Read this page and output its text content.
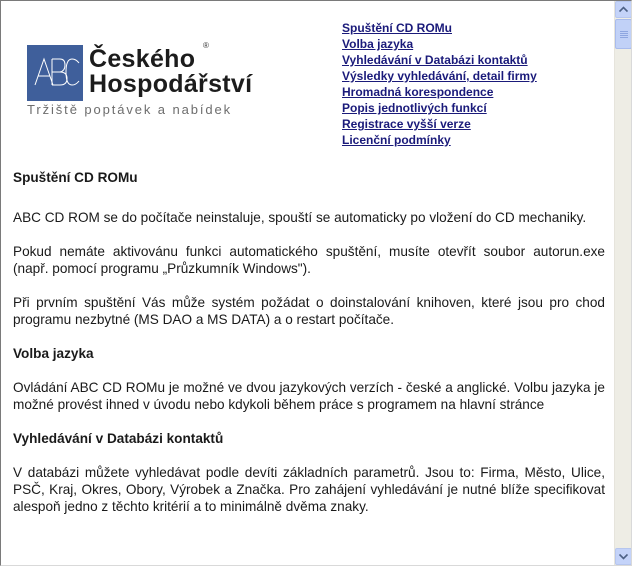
Českého ®
Hospodářství
Tržiště poptávek a nabídek
Spuštění CD ROMu
Volba jazyka
Vyhledávání v Databázi kontaktů
Výsledky vyhledávání, detail firmy
Hromadná korespondence
Popis jednotlivých funkcí
Registrace vyšší verze
Licenční podmínky
Spuštění CD ROMu

ABC CD ROM se do počítače neinstaluje, spouští se automaticky po vložení do CD mechaniky.

Pokud nemáte aktivovánu funkci automatického spuštění, musíte otevřít soubor autorun.exe (např. pomocí programu „Průzkumník Windows").

Při prvním spuštění Vás může systém požádat o doinstalování knihoven, které jsou pro chod programu nezbytné (MS DAO a MS DATA) a o restart počítače.

Volba jazyka

Ovládání ABC CD ROMu je možné ve dvou jazykových verzích - české a anglické. Volbu jazyka je možné provést ihned v úvodu nebo kdykoli během práce s programem na hlavní stránce

Vyhledávání v Databázi kontaktů

V databázi můžete vyhledávat podle devíti základních parametrů. Jsou to: Firma, Město, Ulice, PSČ, Kraj, Okres, Obory, Výrobek a Značka. Pro zahájení vyhledávání je nutné blíže specifikovat alespoň jedno z těchto kritérií a to minimálně dvěma znaky.
